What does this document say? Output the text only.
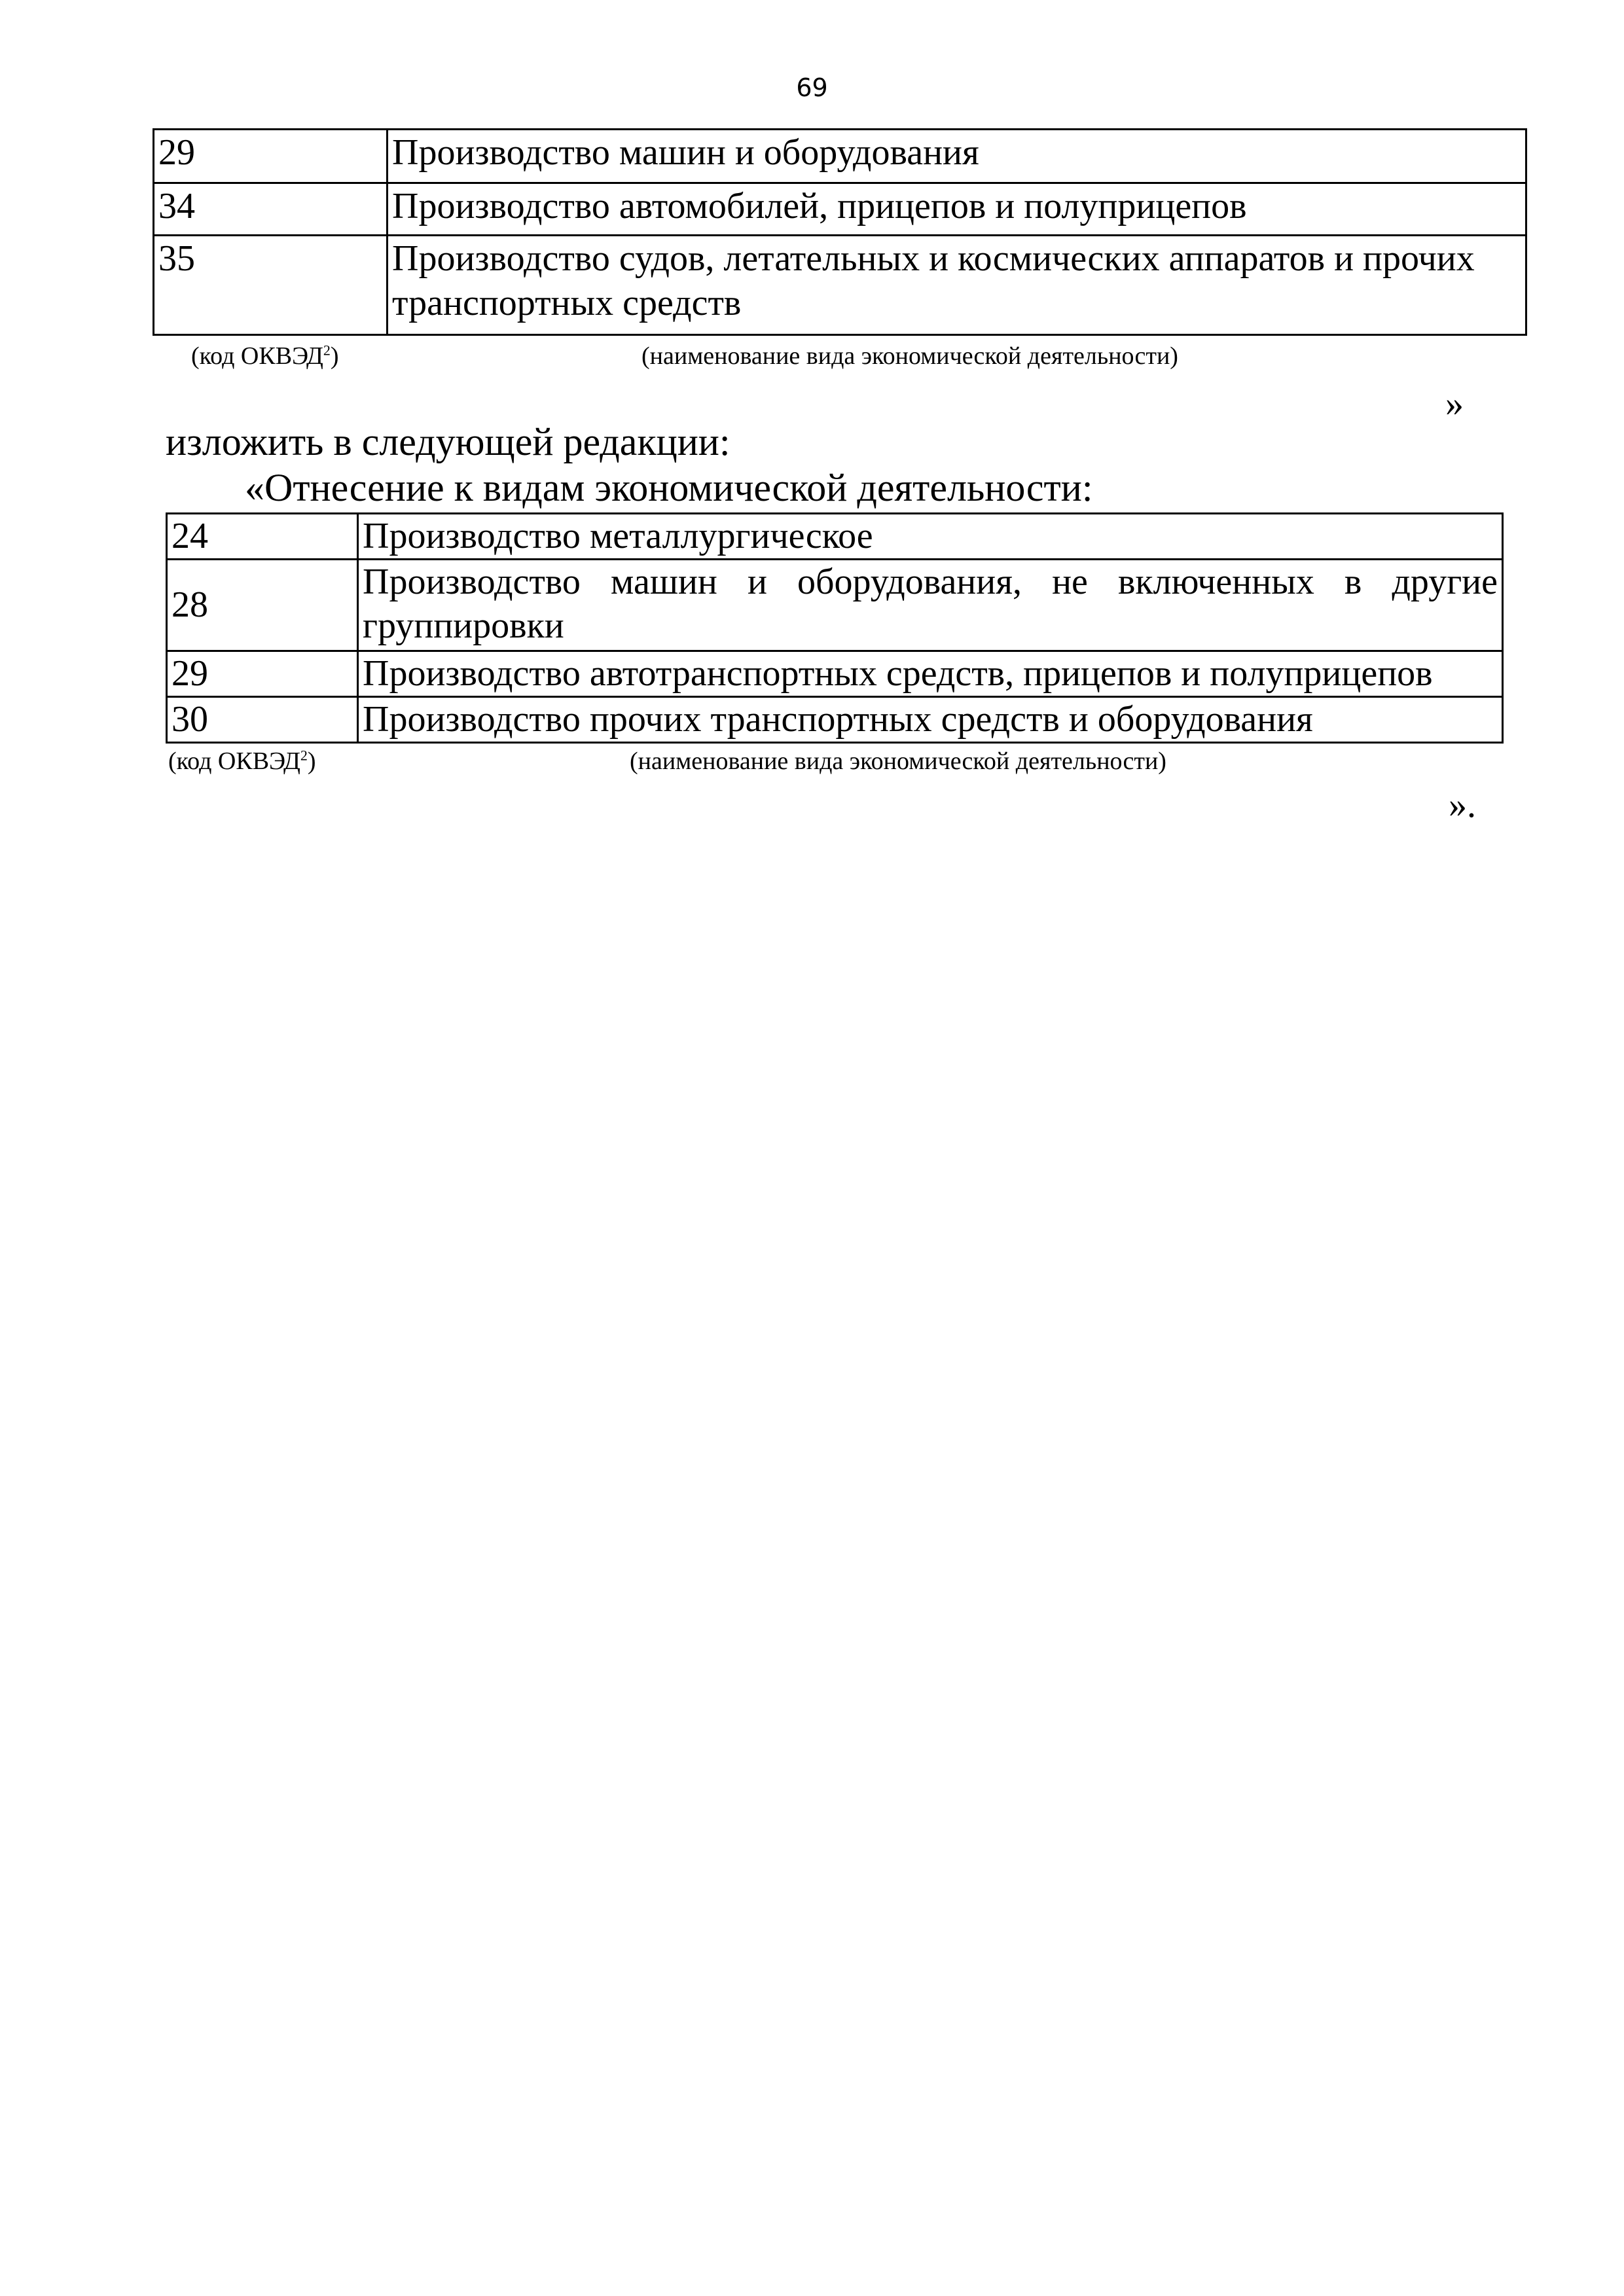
69
29	Производство машин и оборудования
34	Производство автомобилей, прицепов и полуприцепов
35	Производство судов, летательных и космических аппаратов и прочих транспортных средств
(код ОКВЭД$^2$)	(наименование вида экономической деятельности)
»
изложить в следующей редакции:
«Отнесение к видам экономической деятельности:
24	Производство металлургическое
28	Производство машин и оборудования, не включенных в другие
группировки

29	Производство автотранспортных средств, прицепов и полуприцепов
30	Производство прочих транспортных средств и оборудования
(код ОКВЭД$^2$)	(наименование вида экономической деятельности)
».
